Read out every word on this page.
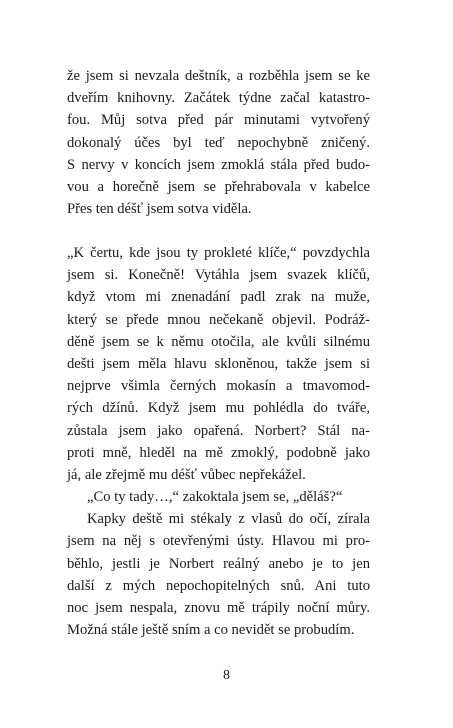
že jsem si nevzala deštník, a rozběhla jsem se ke
dveřím knihovny. Začátek týdne začal katastro-
fou. Můj sotva před pár minutami vytvořený
dokonalý účes byl teď nepochybně zničený.
S nervy v koncích jsem zmoklá stála před budo-
vou a horečně jsem se přehrabovala v kabelce
Přes ten déšť jsem sotva viděla.
„K čertu, kde jsou ty prokleté klíče,“ povzdychla
jsem si. Konečně! Vytáhla jsem svazek klíčů,
když vtom mi znenadání padl zrak na muže,
který se přede mnou nečekaně objevil. Podráž-
děně jsem se k němu otočila, ale kvůli silnému
dešti jsem měla hlavu skloněnou, takže jsem si
nejprve všimla černých mokasín a tmavomod-
rých džínů. Když jsem mu pohlédla do tváře,
zůstala jsem jako opařená. Norbert? Stál na-
proti mně, hleděl na mě zmoklý, podobně jako
já, ale zřejmě mu déšť vůbec nepřekážel.
„Co ty tady…,“ zakoktala jsem se, „děláš?“
Kapky deště mi stékaly z vlasů do očí, zírala
jsem na něj s otevřenými ústy. Hlavou mi pro-
běhlo, jestli je Norbert reálný anebo je to jen
další z mých nepochopitelných snů. Ani tuto
noc jsem nespala, znovu mě trápily noční můry.
Možná stále ještě sním a co nevidět se probudím.
8
